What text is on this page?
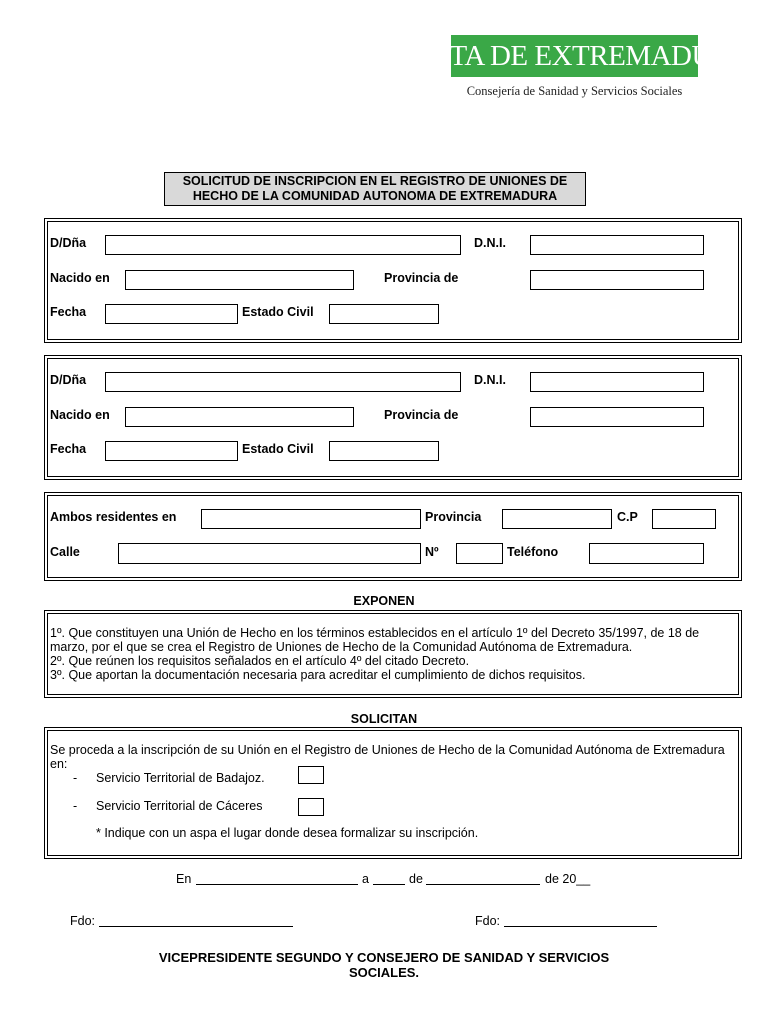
JUNTA DE EXTREMADURA
Consejería de Sanidad y Servicios Sociales
SOLICITUD DE INSCRIPCION EN EL REGISTRO DE UNIONES DE
HECHO DE LA COMUNIDAD AUTONOMA DE EXTREMADURA
D/Dña	D.N.I.
Nacido en	Provincia de
Fecha	Estado Civil
D/Dña	D.N.I.
Nacido en	Provincia de
Fecha	Estado Civil
Ambos residentes en	Provincia	C.P
Calle	Nº	Teléfono
EXPONEN
1º. Que constituyen una Unión de Hecho en los términos establecidos en el artículo 1º del Decreto 35/1997, de 18 de
marzo, por el que se crea el Registro de Uniones de Hecho de la Comunidad Autónoma de Extremadura.
2º. Que reúnen los requisitos señalados en el artículo 4º del citado Decreto.
3º. Que aportan la documentación necesaria para acreditar el cumplimiento de dichos requisitos.
SOLICITAN
Se proceda a la inscripción de su Unión en el Registro de Uniones de Hecho de la Comunidad Autónoma de Extremadura
en:
- Servicio Territorial de Badajoz.
- Servicio Territorial de Cáceres
* Indique con un aspa el lugar donde desea formalizar su inscripción.
En	a	de	de 20__
Fdo:	Fdo:
VICEPRESIDENTE SEGUNDO Y CONSEJERO DE SANIDAD Y SERVICIOS
SOCIALES.
